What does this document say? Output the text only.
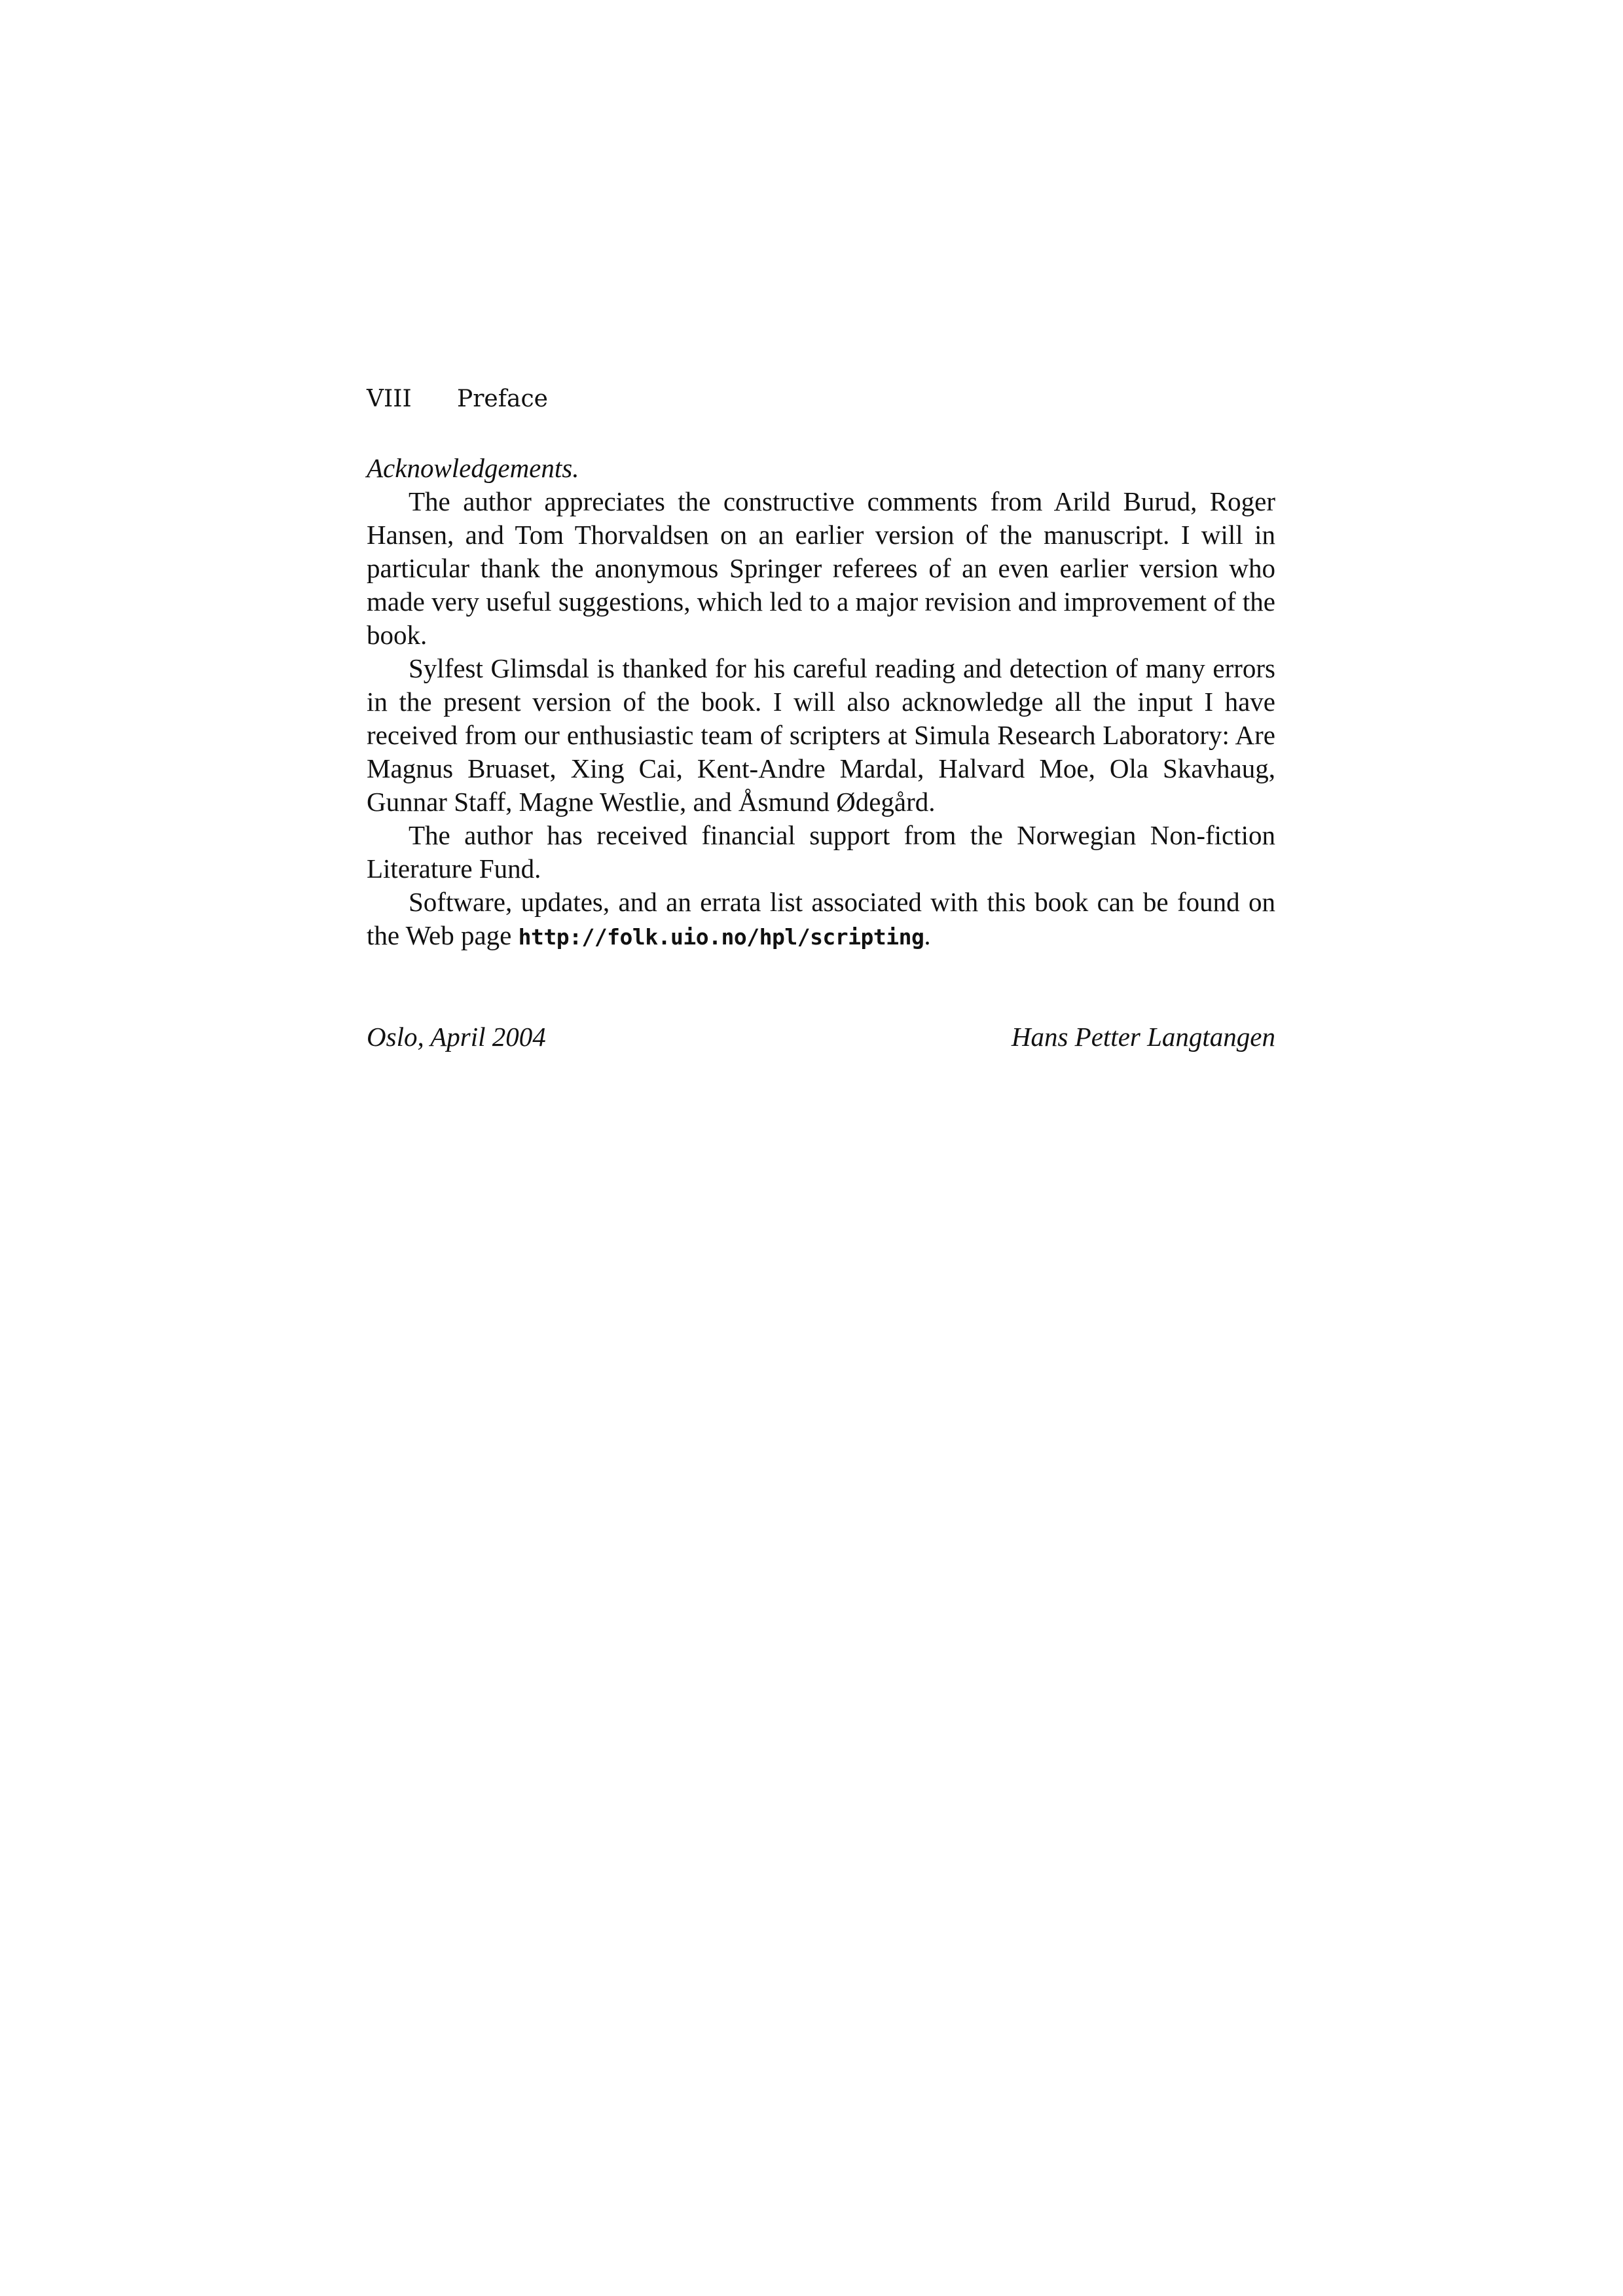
VIII Preface

Acknowledgements.

The author appreciates the constructive comments from Arild Burud, Roger Hansen, and Tom Thorvaldsen on an earlier version of the manuscript. I will in particular thank the anonymous Springer referees of an even earlier version who made very useful suggestions, which led to a major revision and improvement of the book.

Sylfest Glimsdal is thanked for his careful reading and detection of many errors in the present version of the book. I will also acknowledge all the input I have received from our enthusiastic team of scripters at Simula Research Laboratory: Are Magnus Bruaset, Xing Cai, Kent-Andre Mardal, Halvard Moe, Ola Skavhaug, Gunnar Staff, Magne Westlie, and Åsmund Ødegård.

The author has received financial support from the Norwegian Non-fiction Literature Fund.

Software, updates, and an errata list associated with this book can be found on the Web page http://folk.uio.no/hpl/scripting.

Oslo, April 2004	Hans Petter Langtangen
